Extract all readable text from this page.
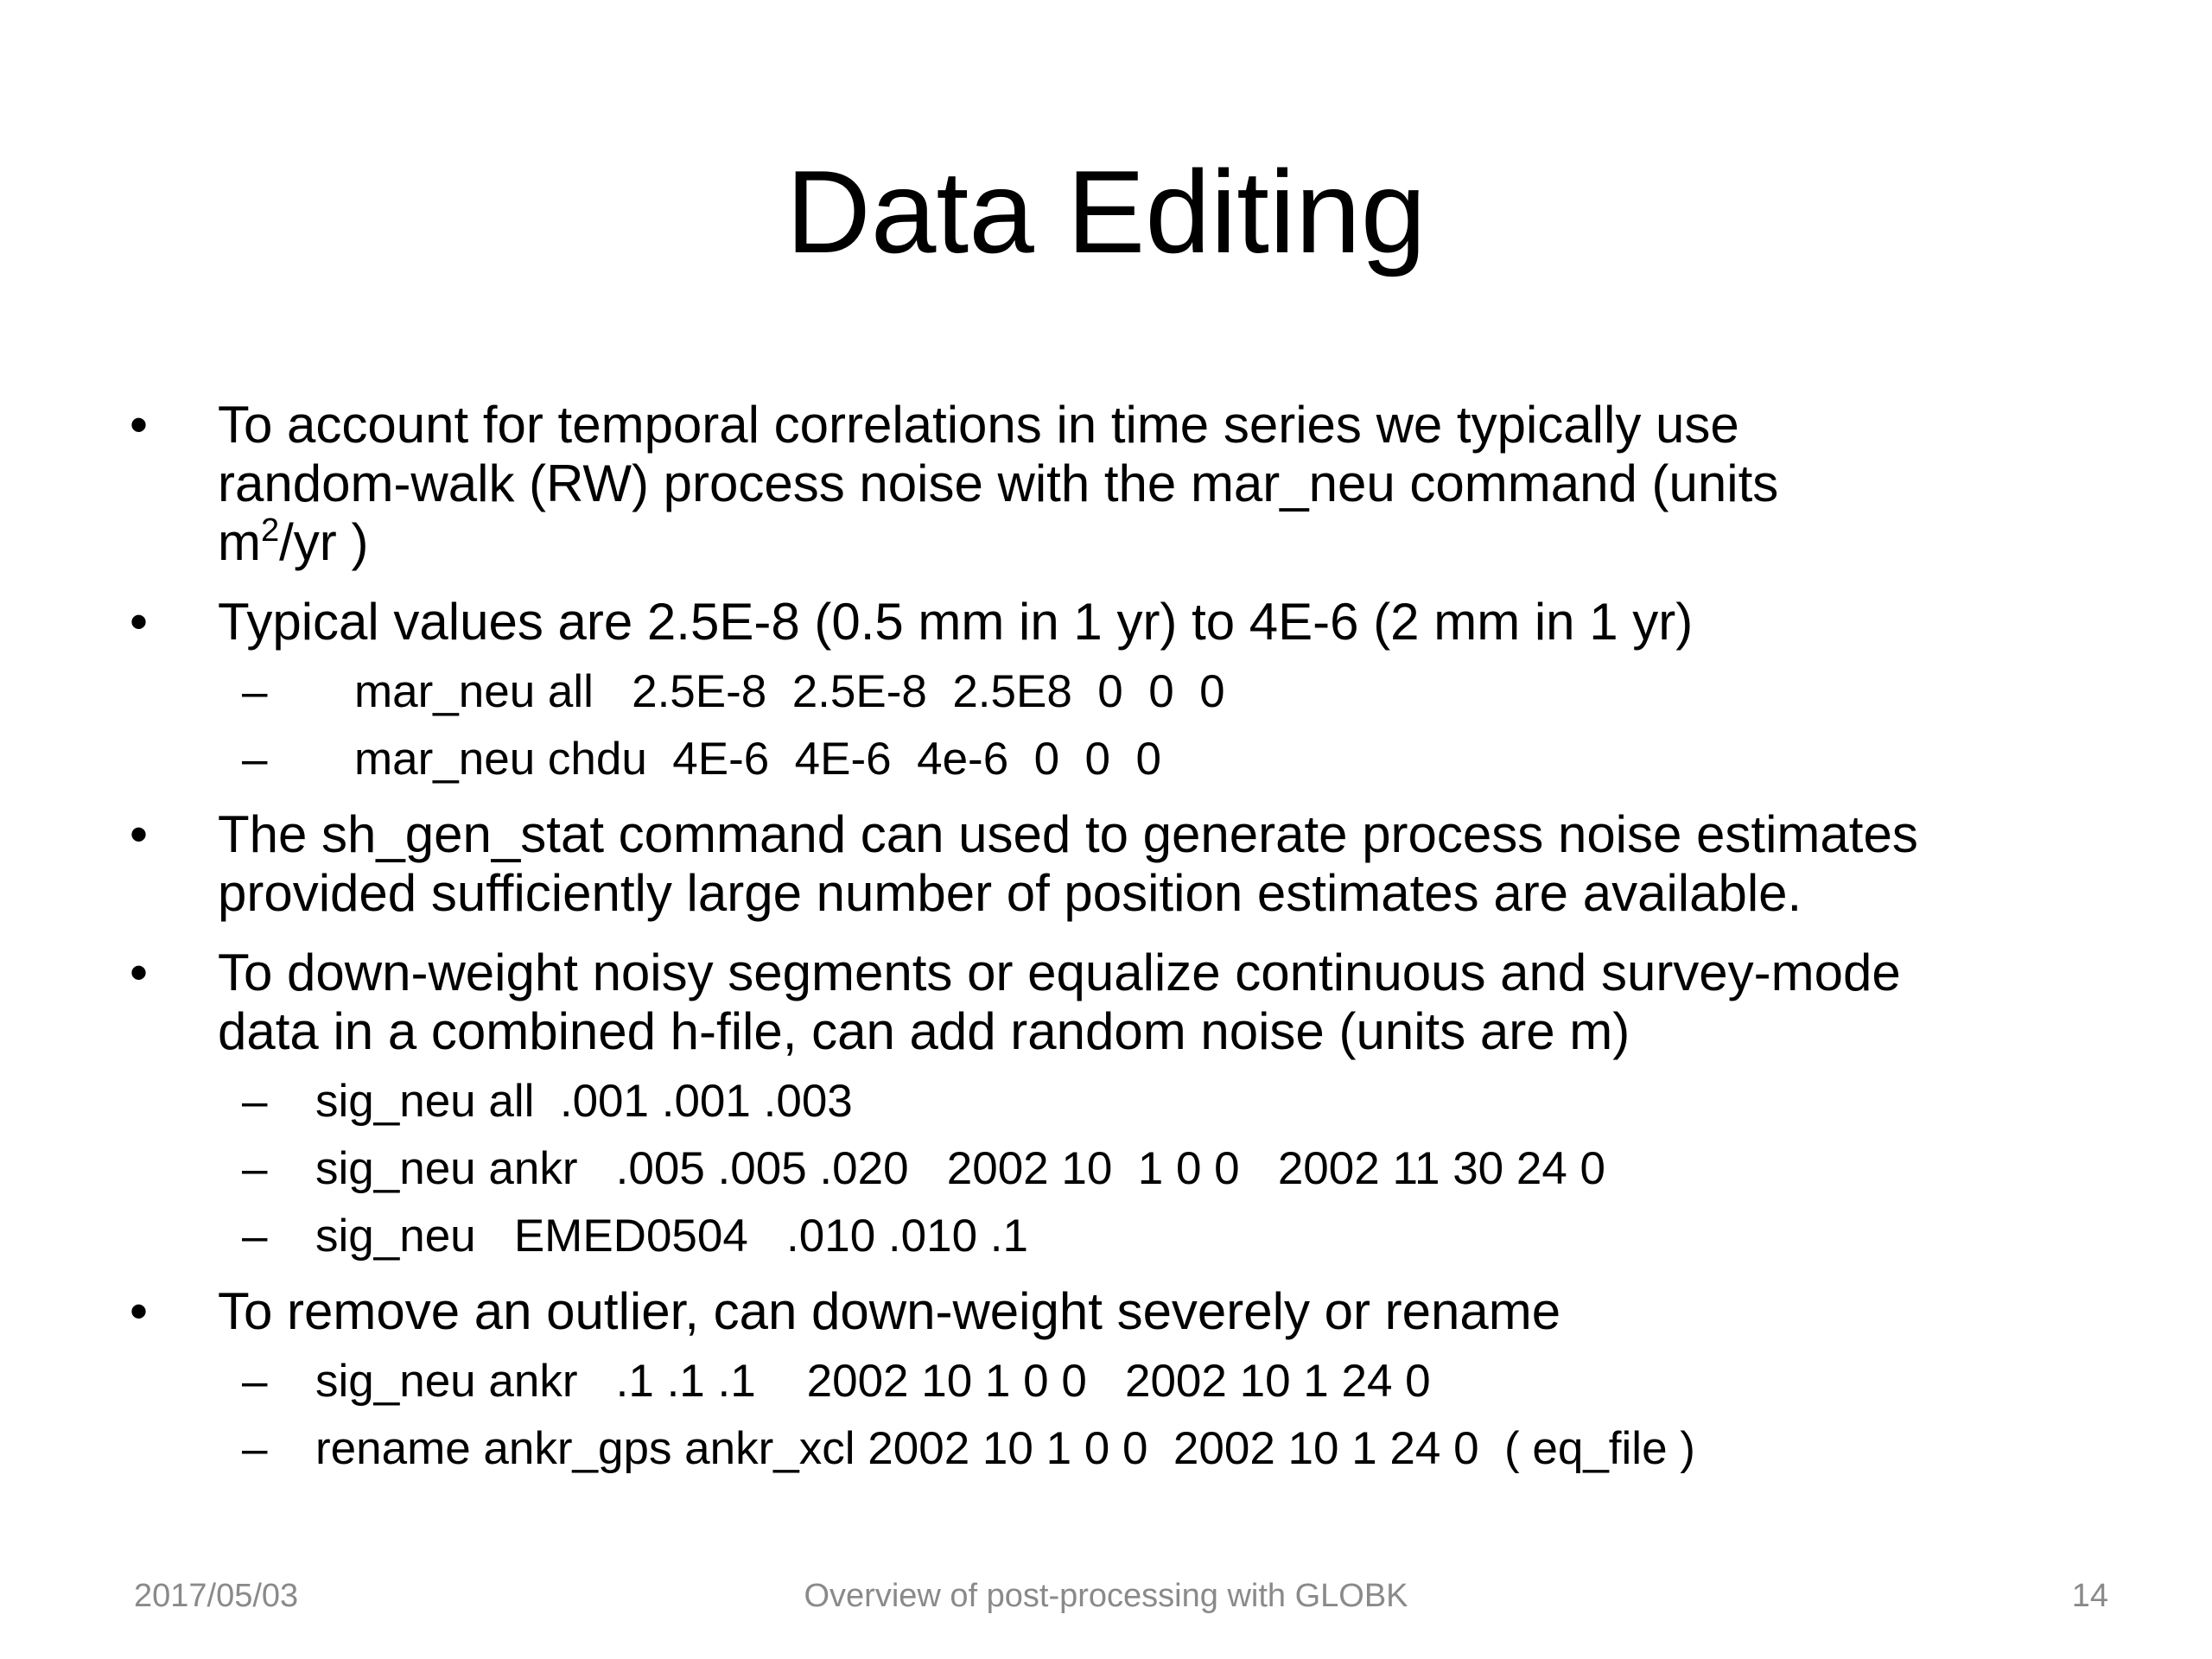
Data Editing
•	To account for temporal correlations in time series we typically use
random-walk (RW) process noise with the mar_neu command (units
$m^2/yr$ )
•	Typical values are 2.5E-8 (0.5 mm in 1 yr) to 4E-6 (2 mm in 1 yr)
– mar_neu all   2.5E-8  2.5E-8  2.5E8  0  0  0
– mar_neu chdu  4E-6  4E-6  4e-6  0  0  0
•	The sh_gen_stat command can used to generate process noise estimates
provided sufficiently large number of position estimates are available.
•	To down-weight noisy segments or equalize continuous and survey-mode
data in a combined h-file, can add random noise (units are m)
– sig_neu all  .001 .001 .003
– sig_neu ankr   .005 .005 .020   2002 10  1 0 0   2002 11 30 24 0
– sig_neu   EMED0504   .010 .010 .1
•	To remove an outlier, can down-weight severely or rename
– sig_neu ankr   .1 .1 .1    2002 10 1 0 0   2002 10 1 24 0
– rename ankr_gps ankr_xcl 2002 10 1 0 0  2002 10 1 24 0  ( eq_file )
2017/05/03	Overview of post-processing with GLOBK	14
